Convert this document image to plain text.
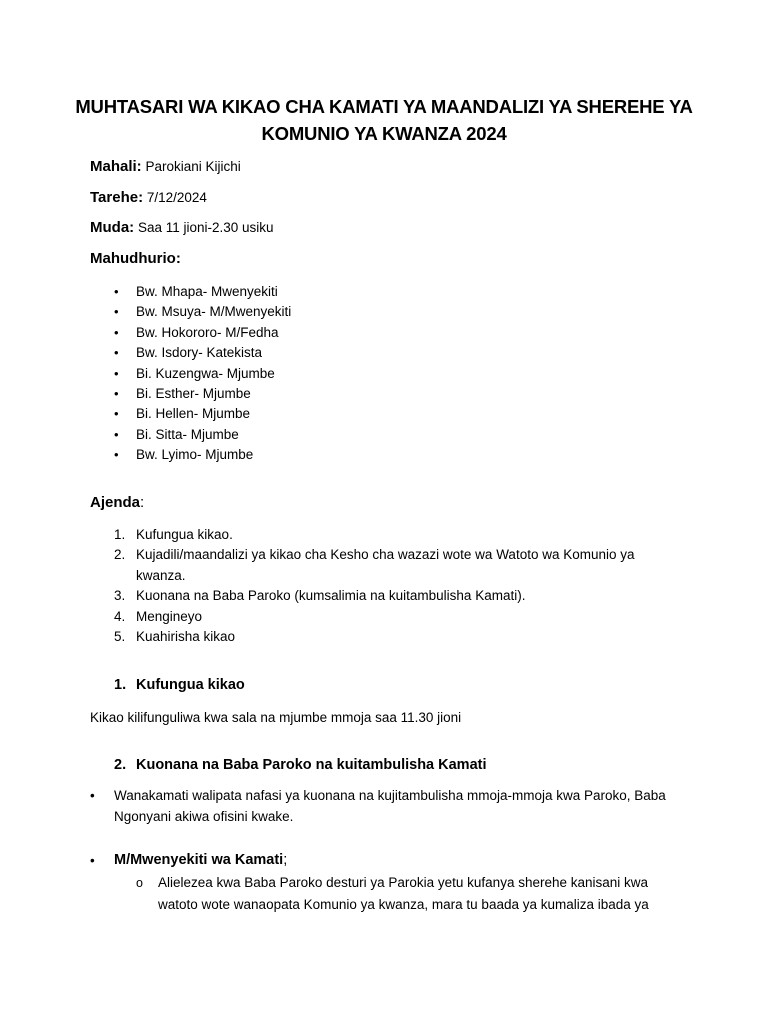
MUHTASARI WA KIKAO CHA KAMATI YA MAANDALIZI YA SHEREHE YA
KOMUNIO YA KWANZA 2024
Mahali: Parokiani Kijichi
Tarehe: 7/12/2024
Muda: Saa 11 jioni-2.30 usiku
Mahudhurio:
• Bw. Mhapa- Mwenyekiti
• Bw. Msuya- M/Mwenyekiti
• Bw. Hokororo- M/Fedha
• Bw. Isdory- Katekista
• Bi. Kuzengwa- Mjumbe
• Bi. Esther- Mjumbe
• Bi. Hellen- Mjumbe
• Bi. Sitta- Mjumbe
• Bw. Lyimo- Mjumbe
Ajenda:
1. Kufungua kikao.
2. Kujadili/maandalizi ya kikao cha Kesho cha wazazi wote wa Watoto wa Komunio ya kwanza.
3. Kuonana na Baba Paroko (kumsalimia na kuitambulisha Kamati).
4. Mengineyo
5. Kuahirisha kikao
1. Kufungua kikao
Kikao kilifunguliwa kwa sala na mjumbe mmoja saa 11.30 jioni
2. Kuonana na Baba Paroko na kuitambulisha Kamati
•	Wanakamati walipata nafasi ya kuonana na kujitambulisha mmoja-mmoja kwa Paroko, Baba Ngonyani akiwa ofisini kwake.
•	M/Mwenyekiti wa Kamati;
o	Alielezea kwa Baba Paroko desturi ya Parokia yetu kufanya sherehe kanisani kwa watoto wote wanaopata Komunio ya kwanza, mara tu baada ya kumaliza ibada ya
